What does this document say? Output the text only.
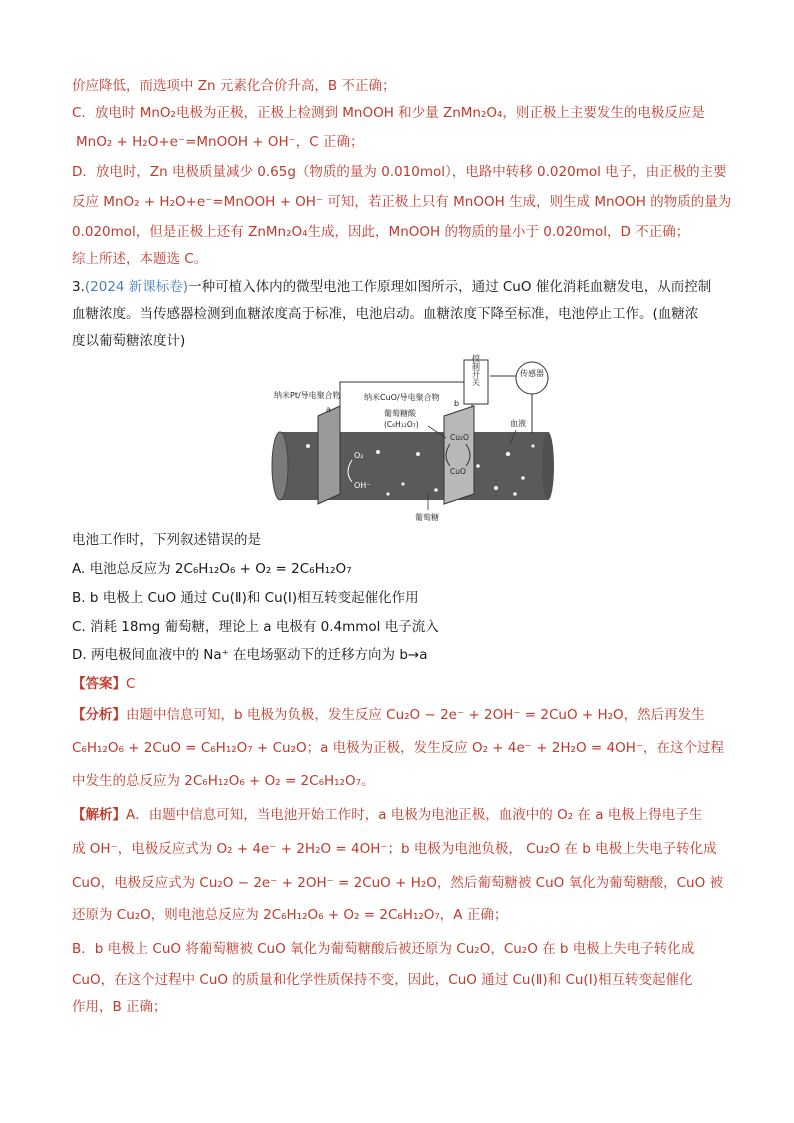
价应降低，而选项中 Zn 元素化合价升高，B 不正确；
C．放电时 MnO₂电极为正极，正极上检测到 MnOOH 和少量 ZnMn₂O₄，则正极上主要发生的电极反应是
MnO₂ + H₂O+e⁻=MnOOH + OH⁻，C 正确；
D．放电时，Zn 电极质量减少 0.65g（物质的量为 0.010mol），电路中转移 0.020mol 电子，由正极的主要
反应 MnO₂ + H₂O+e⁻=MnOOH + OH⁻ 可知，若正极上只有 MnOOH 生成，则生成 MnOOH 的物质的量为
0.020mol，但是正极上还有 ZnMn₂O₄生成，因此，MnOOH 的物质的量小于 0.020mol，D 不正确；
综上所述，本题选 C。
3.(2024 新课标卷)一种可植入体内的微型电池工作原理如图所示，通过 CuO 催化消耗血糖发电，从而控制
血糖浓度。当传感器检测到血糖浓度高于标准，电池启动。血糖浓度下降至标准，电池停止工作。(血糖浓
度以葡萄糖浓度计)
控制开关	传感器
纳米Pt/导电聚合物
a
纳米CuO/导电聚合物
b
葡萄糖酸
(C₆H₁₂O₇)	血液
O₂
OH⁻
Cu₂O
CuO
葡萄糖
电池工作时，下列叙述错误的是
A. 电池总反应为 2C₆H₁₂O₆ + O₂ = 2C₆H₁₂O₇
B. b 电极上 CuO 通过 Cu(Ⅱ)和 Cu(Ⅰ)相互转变起催化作用
C. 消耗 18mg 葡萄糖，理论上 a 电极有 0.4mmol 电子流入
D. 两电极间血液中的 Na⁺ 在电场驱动下的迁移方向为 b→a
【答案】C
【分析】由题中信息可知，b 电极为负极，发生反应 Cu₂O − 2e⁻ + 2OH⁻ = 2CuO + H₂O，然后再发生
C₆H₁₂O₆ + 2CuO = C₆H₁₂O₇ + Cu₂O；a 电极为正极，发生反应 O₂ + 4e⁻ + 2H₂O = 4OH⁻，在这个过程
中发生的总反应为 2C₆H₁₂O₆ + O₂ = 2C₆H₁₂O₇。
【解析】A．由题中信息可知，当电池开始工作时，a 电极为电池正极，血液中的 O₂ 在 a 电极上得电子生
成 OH⁻，电极反应式为 O₂ + 4e⁻ + 2H₂O = 4OH⁻；b 电极为电池负极， Cu₂O 在 b 电极上失电子转化成
CuO，电极反应式为 Cu₂O − 2e⁻ + 2OH⁻ = 2CuO + H₂O，然后葡萄糖被 CuO 氧化为葡萄糖酸，CuO 被
还原为 Cu₂O，则电池总反应为 2C₆H₁₂O₆ + O₂ = 2C₆H₁₂O₇，A 正确；
B．b 电极上 CuO 将葡萄糖被 CuO 氧化为葡萄糖酸后被还原为 Cu₂O，Cu₂O 在 b 电极上失电子转化成
CuO，在这个过程中 CuO 的质量和化学性质保持不变，因此，CuO 通过 Cu(Ⅱ)和 Cu(Ⅰ)相互转变起催化
作用，B 正确；
